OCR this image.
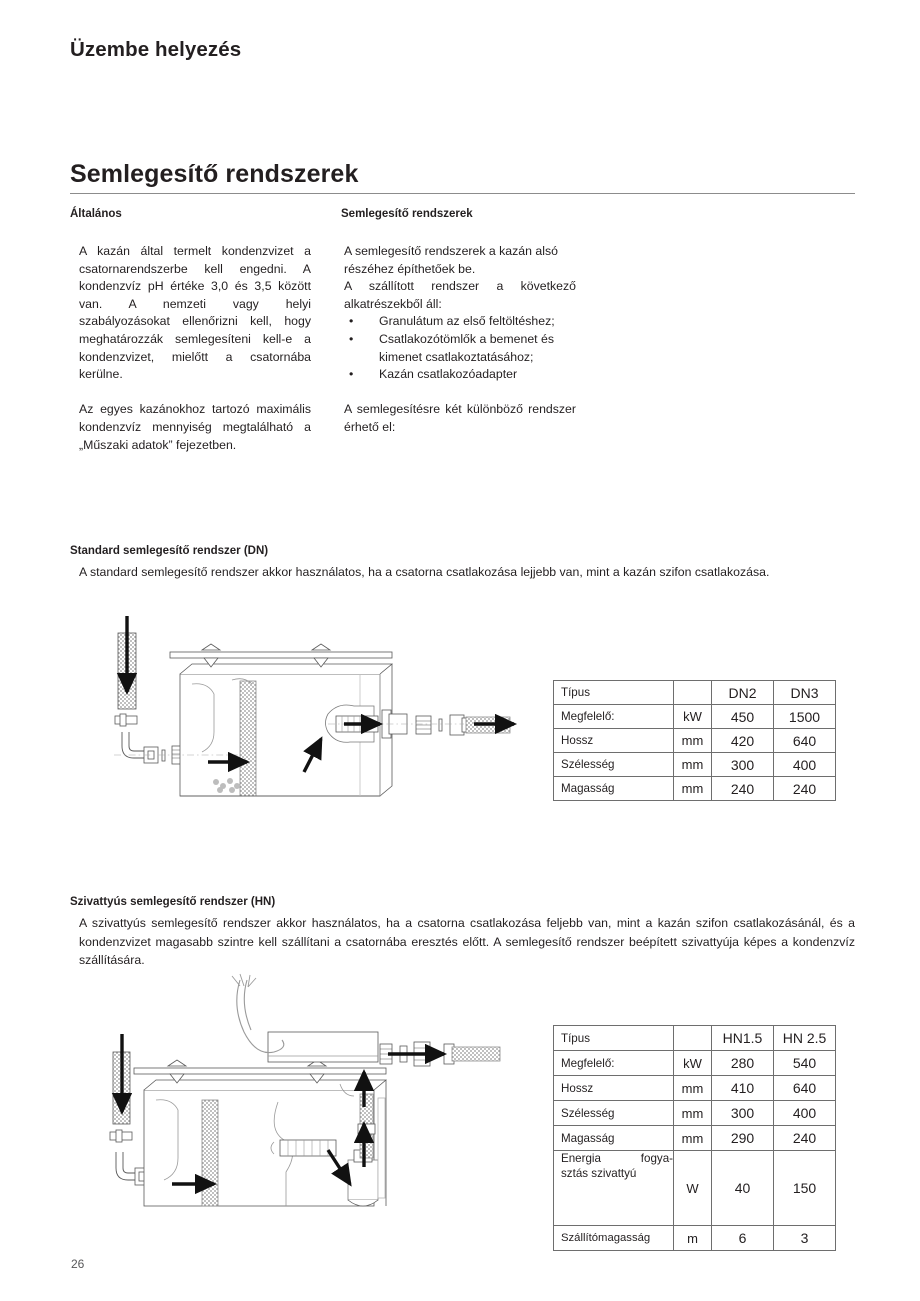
Üzembe helyezés
Semlegesítő rendszerek
Általános

A kazán által termelt kondenzvizet a csatornarendszerbe kell engedni. A kondenzvíz pH értéke 3,0 és 3,5 között van. A nemzeti vagy helyi szabályozásokat ellenőrizni kell, hogy meghatározzák semlegesíteni kell-e a kondenzvizet, mielőtt a csatornába kerülne.

Az egyes kazánokhoz tartozó maximális kondenzvíz mennyiség megtalálható a „Műszaki adatok” fejezetben.

Semlegesítő rendszerek

A semlegesítő rendszerek a kazán alsó részéhez építhetőek be.

A szállított rendszer a következő alkatrészekből áll:

• Granulátum az első feltöltéshez;
• Csatlakozótömlők a bemenet és kimenet csatlakoztatásához;
• Kazán csatlakozóadapter

A semlegesítésre két különböző rendszer érhető el:

Standard semlegesítő rendszer (DN)
A standard semlegesítő rendszer akkor használatos, ha a csatorna csatlakozása lejjebb van, mint a kazán szifon csatlakozása.
Típus		DN2	DN3
Megfelelő:	kW	450	1500
Hossz	mm	420	640
Szélesség	mm	300	400
Magasság	mm	240	240
Szivattyús semlegesítő rendszer (HN)
A szivattyús semlegesítő rendszer akkor használatos, ha a csatorna csatlakozása feljebb van, mint a kazán szifon csatlakozásánál, és a kondenzvizet magasabb szintre kell szállítani a csatornába eresztés előtt. A semlegesítő rendszer beépített szivattyúja képes a kondenzvíz szállítására.
Típus		HN1.5	HN 2.5
Megfelelő:	kW	280	540
Hossz	mm	410	640
Szélesség	mm	300	400
Magasság	mm	290	240

Energia fogya-
sztás szivattyú	W	40	150
Szállítómagasság	m	6	3
26
